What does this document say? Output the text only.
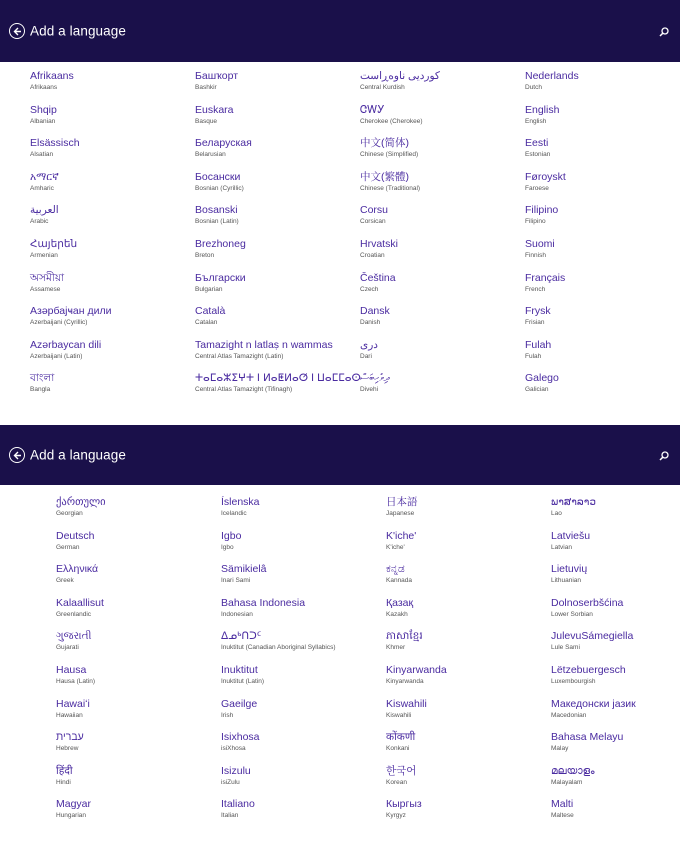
Add a language
Afrikaans
Afrikaans
Shqip
Albanian
Elsässisch
Alsatian
አማርኛ
Amharic
العربية
Arabic
Հայերեն
Armenian
অসমীয়া
Assamese
Азәрбајҹан дили
Azerbaijani (Cyrillic)
Azərbaycan dili
Azerbaijani (Latin)
বাংলা
Bangla
Башҡорт
Bashkir
Euskara
Basque
Беларуская
Belarusian
Босански
Bosnian (Cyrillic)
Bosanski
Bosnian (Latin)
Brezhoneg
Breton
Български
Bulgarian
Català
Catalan
Tamazight n latlaṣ n wammas
Central Atlas Tamazight (Latin)
ⵜⴰⵎⴰⵣⵉⵖⵜ ⵏ ⵍⴰⵟⵍⴰⵚ ⵏ ⵡⴰⵎⵎⴰⵙ
Central Atlas Tamazight (Tifinagh)
کوردیی ناوەڕاست
Central Kurdish
ᏣᎳᎩ
Cherokee (Cherokee)
中文(简体)
Chinese (Simplified)
中文(繁體)
Chinese (Traditional)
Corsu
Corsican
Hrvatski
Croatian
Čeština
Czech
Dansk
Danish
دری
Dari
ދިވެހިބަސް
Divehi
Nederlands
Dutch
English
English
Eesti
Estonian
Føroyskt
Faroese
Filipino
Filipino
Suomi
Finnish
Français
French
Frysk
Frisian
Fulah
Fulah
Galego
Galician
Add a language
ქართული
Georgian
Deutsch
German
Ελληνικά
Greek
Kalaallisut
Greenlandic
ગુજરાતી
Gujarati
Hausa
Hausa (Latin)
Hawaiʻi
Hawaiian
עברית
Hebrew
हिंदी
Hindi
Magyar
Hungarian
Íslenska
Icelandic
Igbo
Igbo
Sämikielâ
Inari Sami
Bahasa Indonesia
Indonesian
ᐃᓄᒃᑎᑐᑦ
Inuktitut (Canadian Aboriginal Syllabics)
Inuktitut
Inuktitut (Latin)
Gaeilge
Irish
Isixhosa
isiXhosa
Isizulu
isiZulu
Italiano
Italian
日本語
Japanese
K'iche'
K'iche'
ಕನ್ನಡ
Kannada
Қазақ
Kazakh
ភាសាខ្មែរ
Khmer
Kinyarwanda
Kinyarwanda
Kiswahili
Kiswahili
कोंकणी
Konkani
한국어
Korean
Кыргыз
Kyrgyz
ພາສາລາວ
Lao
Latviešu
Latvian
Lietuvių
Lithuanian
Dolnoserbšćina
Lower Sorbian
JulevuSámegiella
Lule Sami
Lëtzebuergesch
Luxembourgish
Македонски јазик
Macedonian
Bahasa Melayu
Malay
മലയാളം
Malayalam
Malti
Maltese
